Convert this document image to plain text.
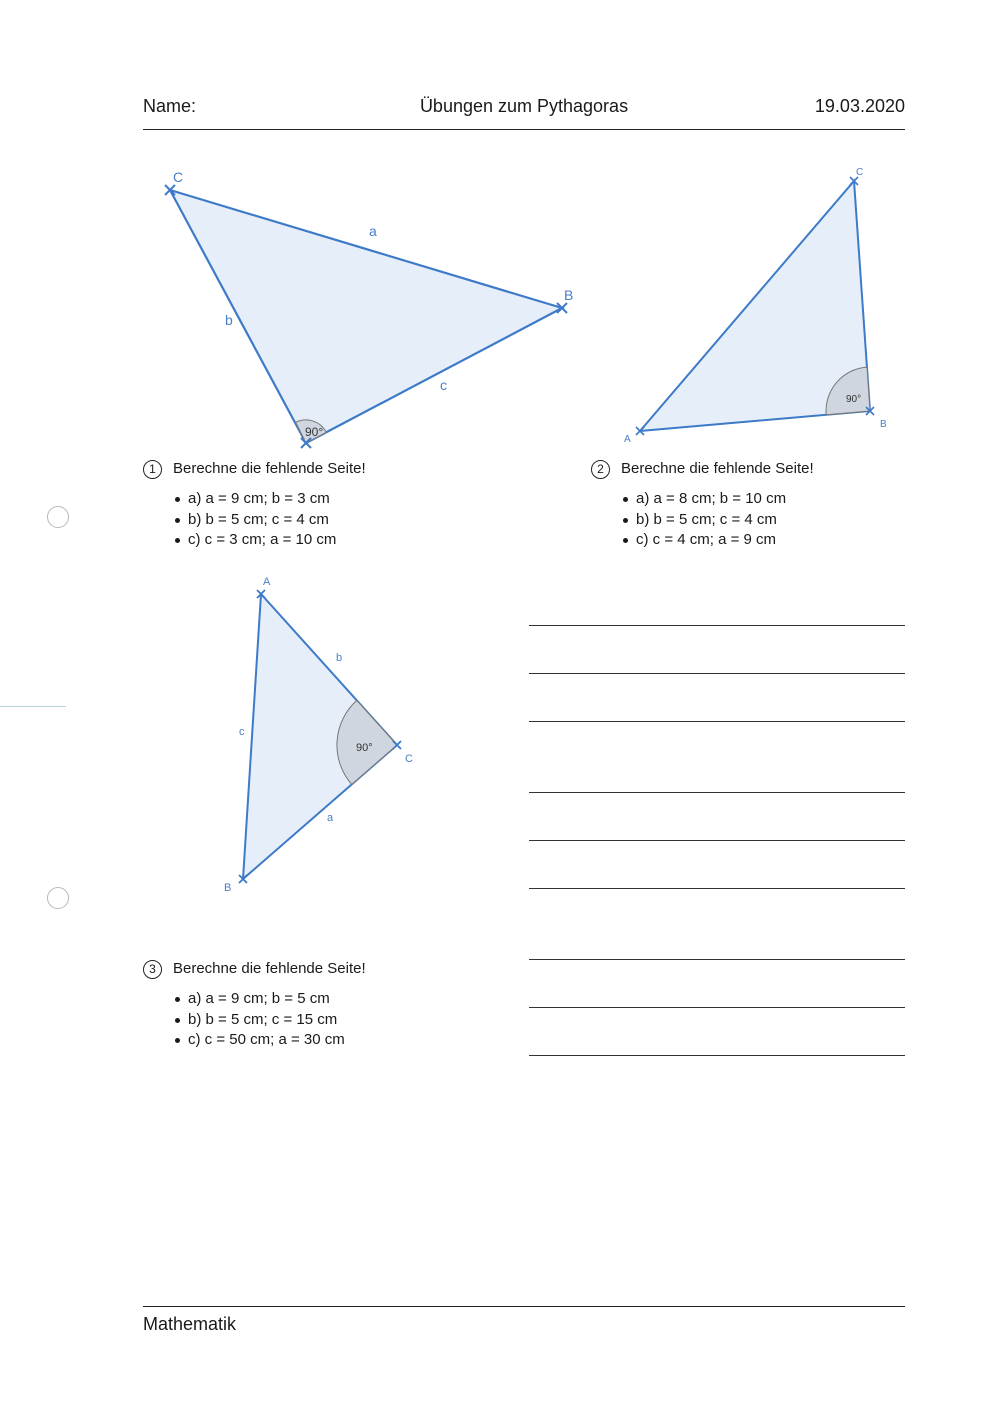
Übungen zum Pythagoras
Name:	19.03.2020
90°
C
B
a
b
c
90°
A
B
C
90°
A
B
C
a
b
c
1	Berechne die fehlende Seite!
a) a = 9 cm; b = 3 cm
b) b = 5 cm; c = 4 cm
c) c = 3 cm; a = 10 cm
2	Berechne die fehlende Seite!
a) a = 8 cm; b = 10 cm
b) b = 5 cm; c = 4 cm
c) c = 4 cm; a = 9 cm
3	Berechne die fehlende Seite!
a) a = 9 cm; b = 5 cm
b) b = 5 cm; c = 15 cm
c) c = 50 cm; a = 30 cm
Mathematik
